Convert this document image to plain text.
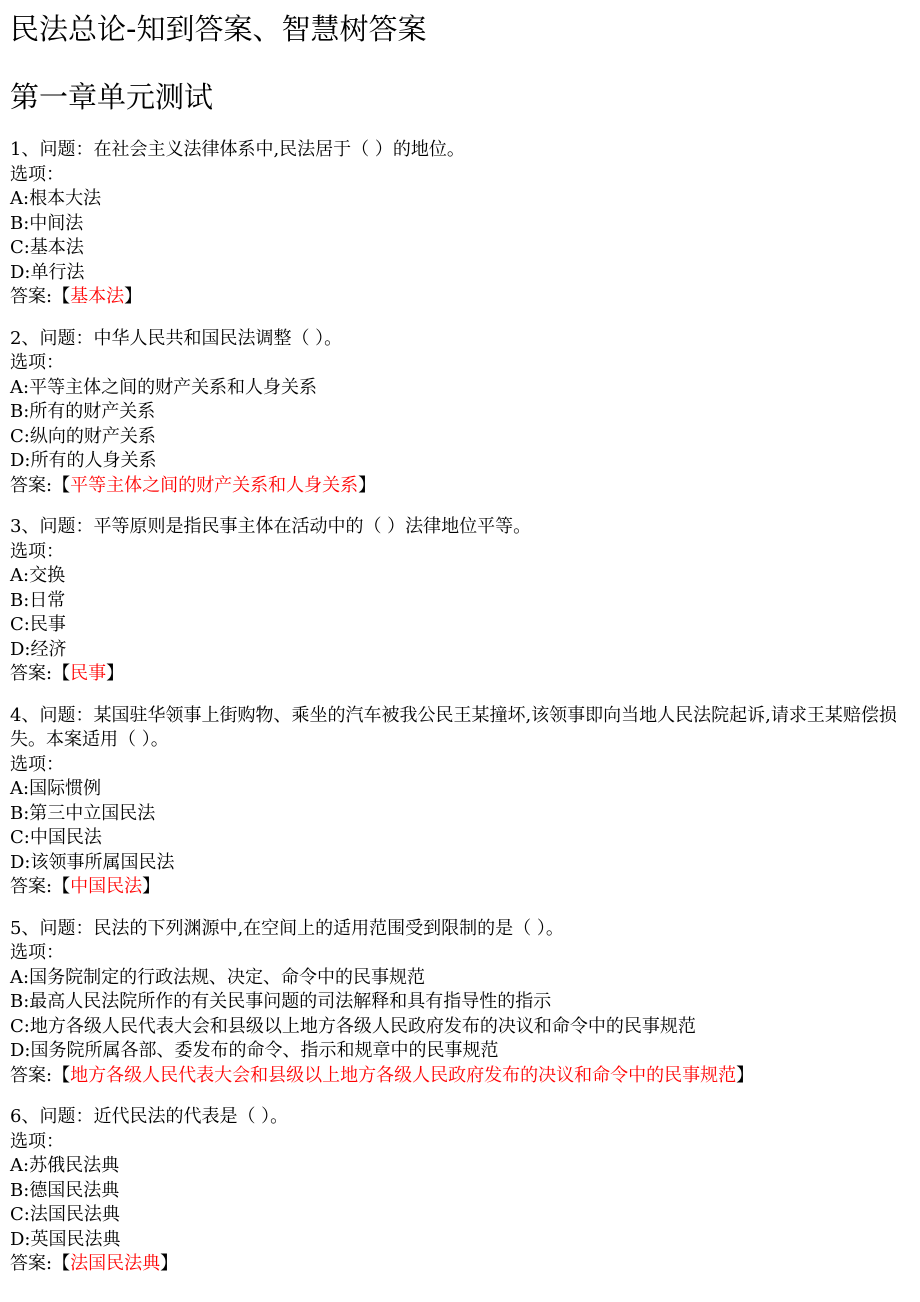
民法总论-知到答案、智慧树答案
第一章单元测试
1、问题：在社会主义法律体系中,民法居于（ ）的地位。
选项：
A:根本大法
B:中间法
C:基本法
D:单行法
答案:【基本法】
2、问题：中华人民共和国民法调整（ ）。
选项：
A:平等主体之间的财产关系和人身关系
B:所有的财产关系
C:纵向的财产关系
D:所有的人身关系
答案:【平等主体之间的财产关系和人身关系】
3、问题：平等原则是指民事主体在活动中的（ ）法律地位平等。
选项：
A:交换
B:日常
C:民事
D:经济
答案:【民事】
4、问题：某国驻华领事上街购物、乘坐的汽车被我公民王某撞坏,该领事即向当地人民法院起诉,请求王某赔偿损失。本案适用（ ）。
选项：
A:国际惯例
B:第三中立国民法
C:中国民法
D:该领事所属国民法
答案:【中国民法】
5、问题：民法的下列渊源中,在空间上的适用范围受到限制的是（ ）。
选项：
A:国务院制定的行政法规、决定、命令中的民事规范
B:最高人民法院所作的有关民事问题的司法解释和具有指导性的指示
C:地方各级人民代表大会和县级以上地方各级人民政府发布的决议和命令中的民事规范
D:国务院所属各部、委发布的命令、指示和规章中的民事规范
答案:【地方各级人民代表大会和县级以上地方各级人民政府发布的决议和命令中的民事规范】
6、问题：近代民法的代表是（ ）。
选项：
A:苏俄民法典
B:德国民法典
C:法国民法典
D:英国民法典
答案:【法国民法典】
